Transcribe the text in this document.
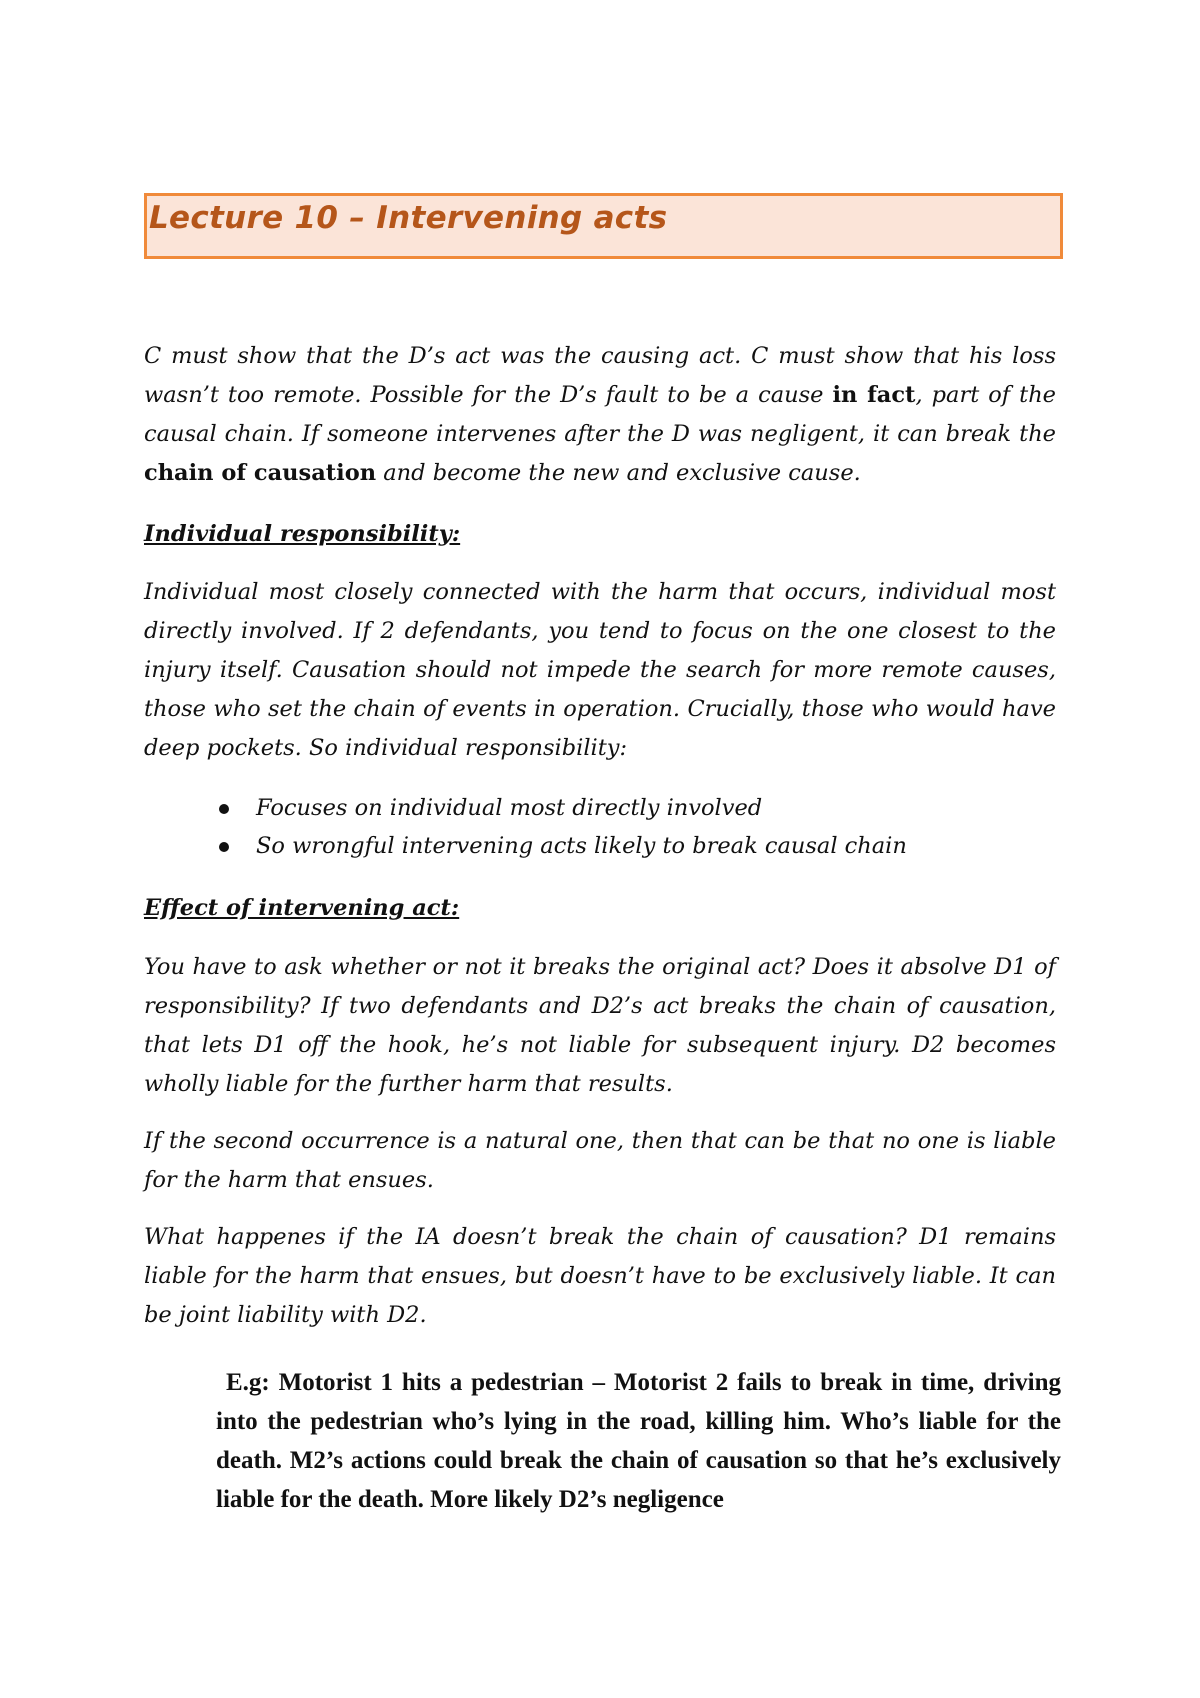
Lecture 10 – Intervening acts

C must show that the D’s act was the causing act. C must show that his loss wasn’t too remote. Possible for the D’s fault to be a cause in fact, part of the causal chain. If someone intervenes after the D was negligent, it can break the chain of causation and become the new and exclusive cause.

Individual responsibility:

Individual most closely connected with the harm that occurs, individual most directly involved. If 2 defendants, you tend to focus on the one closest to the injury itself. Causation should not impede the search for more remote causes, those who set the chain of events in operation. Crucially, those who would have deep pockets. So individual responsibility:

Focuses on individual most directly involved
So wrongful intervening acts likely to break causal chain
Effect of intervening act:

You have to ask whether or not it breaks the original act? Does it absolve D1 of responsibility? If two defendants and D2’s act breaks the chain of causation, that lets D1 off the hook, he’s not liable for subsequent injury. D2 becomes wholly liable for the further harm that results.

If the second occurrence is a natural one, then that can be that no one is liable for the harm that ensues.

What happenes if the IA doesn’t break the chain of causation? D1 remains liable for the harm that ensues, but doesn’t have to be exclusively liable. It can be joint liability with D2.

E.g: Motorist 1 hits a pedestrian – Motorist 2 fails to break in time, driving into the pedestrian who’s lying in the road, killing him. Who’s liable for the death. M2’s actions could break the chain of causation so that he’s exclusively liable for the death. More likely D2’s negligence
